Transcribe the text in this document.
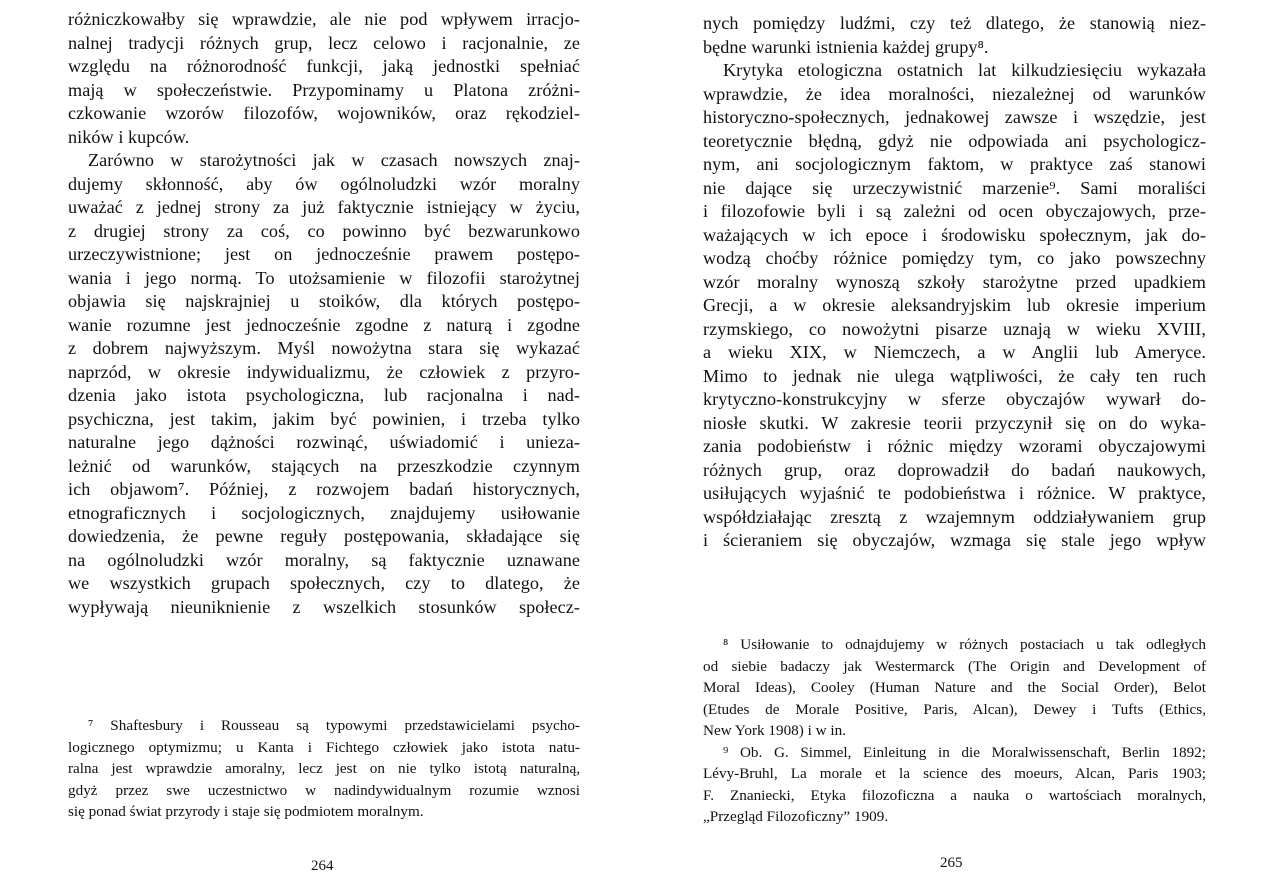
różniczkowałby się wprawdzie, ale nie pod wpływem irracjo-
nalnej tradycji różnych grup, lecz celowo i racjonalnie, ze
względu na różnorodność funkcji, jaką jednostki spełniać
mają w społeczeństwie. Przypominamy u Platona zróżni-
czkowanie wzorów filozofów, wojowników, oraz rękodziel-
ników i kupców.
Zarówno w starożytności jak w czasach nowszych znaj-
dujemy skłonność, aby ów ogólnoludzki wzór moralny
uważać z jednej strony za już faktycznie istniejący w życiu,
z drugiej strony za coś, co powinno być bezwarunkowo
urzeczywistnione; jest on jednocześnie prawem postępo-
wania i jego normą. To utożsamienie w filozofii starożytnej
objawia się najskrajniej u stoików, dla których postępo-
wanie rozumne jest jednocześnie zgodne z naturą i zgodne
z dobrem najwyższym. Myśl nowożytna stara się wykazać
naprzód, w okresie indywidualizmu, że człowiek z przyro-
dzenia jako istota psychologiczna, lub racjonalna i nad-
psychiczna, jest takim, jakim być powinien, i trzeba tylko
naturalne jego dążności rozwinąć, uświadomić i unieza-
leżnić od warunków, stających na przeszkodzie czynnym
ich objawom⁷. Później, z rozwojem badań historycznych,
etnograficznych i socjologicznych, znajdujemy usiłowanie
dowiedzenia, że pewne reguły postępowania, składające się
na ogólnoludzki wzór moralny, są faktycznie uznawane
we wszystkich grupach społecznych, czy to dlatego, że
wypływają nieuniknienie z wszelkich stosunków społecz-
⁷ Shaftesbury i Rousseau są typowymi przedstawicielami psycho-
logicznego optymizmu; u Kanta i Fichtego człowiek jako istota natu-
ralna jest wprawdzie amoralny, lecz jest on nie tylko istotą naturalną,
gdyż przez swe uczestnictwo w nadindywidualnym rozumie wznosi
się ponad świat przyrody i staje się podmiotem moralnym.
264
nych pomiędzy ludźmi, czy też dlatego, że stanowią niez-
będne warunki istnienia każdej grupy⁸.
Krytyka etologiczna ostatnich lat kilkudziesięciu wykazała
wprawdzie, że idea moralności, niezależnej od warunków
historyczno-społecznych, jednakowej zawsze i wszędzie, jest
teoretycznie błędną, gdyż nie odpowiada ani psychologicz-
nym, ani socjologicznym faktom, w praktyce zaś stanowi
nie dające się urzeczywistnić marzenie⁹. Sami moraliści
i filozofowie byli i są zależni od ocen obyczajowych, prze-
ważających w ich epoce i środowisku społecznym, jak do-
wodzą choćby różnice pomiędzy tym, co jako powszechny
wzór moralny wynoszą szkoły starożytne przed upadkiem
Grecji, a w okresie aleksandryjskim lub okresie imperium
rzymskiego, co nowożytni pisarze uznają w wieku XVIII,
a wieku XIX, w Niemczech, a w Anglii lub Ameryce.
Mimo to jednak nie ulega wątpliwości, że cały ten ruch
krytyczno-konstrukcyjny w sferze obyczajów wywarł do-
niosłe skutki. W zakresie teorii przyczynił się on do wyka-
zania podobieństw i różnic między wzorami obyczajowymi
różnych grup, oraz doprowadził do badań naukowych,
usiłujących wyjaśnić te podobieństwa i różnice. W praktyce,
współdziałając zresztą z wzajemnym oddziaływaniem grup
i ścieraniem się obyczajów, wzmaga się stale jego wpływ
⁸ Usiłowanie to odnajdujemy w różnych postaciach u tak odległych
od siebie badaczy jak Westermarck (The Origin and Development of
Moral Ideas), Cooley (Human Nature and the Social Order), Belot
(Etudes de Morale Positive, Paris, Alcan), Dewey i Tufts (Ethics,
New York 1908) i w in.
⁹ Ob. G. Simmel, Einleitung in die Moralwissenschaft, Berlin 1892;
Lévy-Bruhl, La morale et la science des moeurs, Alcan, Paris 1903;
F. Znaniecki, Etyka filozoficzna a nauka o wartościach moralnych,
„Przegląd Filozoficzny” 1909.
265
